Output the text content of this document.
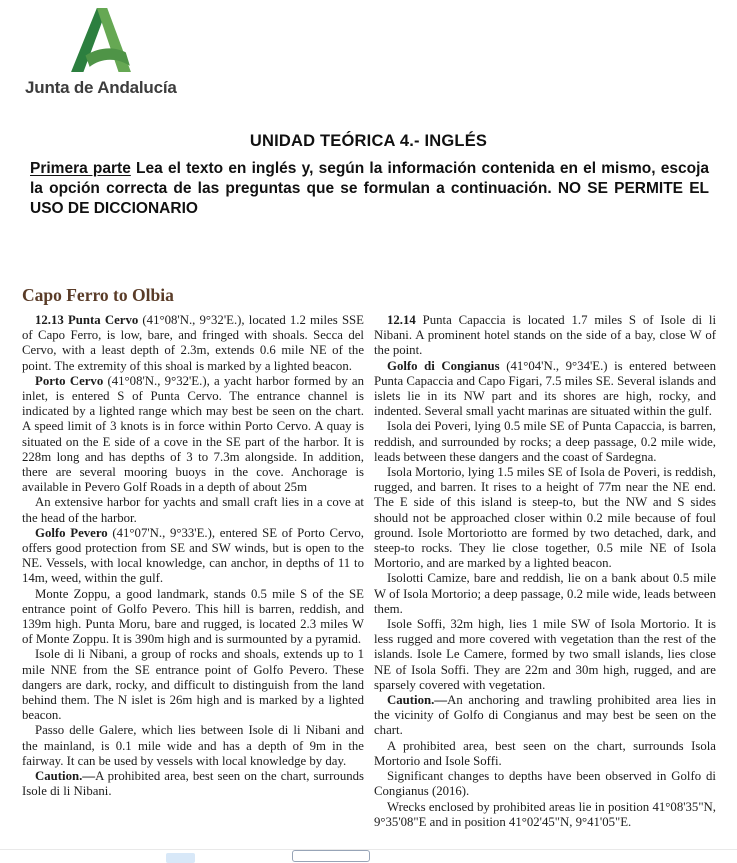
Junta de Andalucía
UNIDAD TEÓRICA 4.- INGLÉS
Primera parte Lea el texto en inglés y, según la información contenida en el mismo, escoja la opción correcta de las preguntas que se formulan a continuación. NO SE PERMITE EL USO DE DICCIONARIO
Capo Ferro to Olbia

12.13 Punta Cervo (41°08'N., 9°32'E.), located 1.2 miles SSE of Capo Ferro, is low, bare, and fringed with shoals. Secca del Cervo, with a least depth of 2.3m, extends 0.6 mile NE of the point. The extremity of this shoal is marked by a lighted beacon.

Porto Cervo (41°08'N., 9°32'E.), a yacht harbor formed by an inlet, is entered S of Punta Cervo. The entrance channel is indicated by a lighted range which may best be seen on the chart. A speed limit of 3 knots is in force within Porto Cervo. A quay is situated on the E side of a cove in the SE part of the harbor. It is 228m long and has depths of 3 to 7.3m alongside. In addition, there are several mooring buoys in the cove. Anchorage is available in Pevero Golf Roads in a depth of about 25m

An extensive harbor for yachts and small craft lies in a cove at the head of the harbor.

Golfo Pevero (41°07'N., 9°33'E.), entered SE of Porto Cervo, offers good protection from SE and SW winds, but is open to the NE. Vessels, with local knowledge, can anchor, in depths of 11 to 14m, weed, within the gulf.

Monte Zoppu, a good landmark, stands 0.5 mile S of the SE entrance point of Golfo Pevero. This hill is barren, reddish, and 139m high. Punta Moru, bare and rugged, is located 2.3 miles W of Monte Zoppu. It is 390m high and is surmounted by a pyramid.

Isole di li Nibani, a group of rocks and shoals, extends up to 1 mile NNE from the SE entrance point of Golfo Pevero. These dangers are dark, rocky, and difficult to distinguish from the land behind them. The N islet is 26m high and is marked by a lighted beacon.

Passo delle Galere, which lies between Isole di li Nibani and the mainland, is 0.1 mile wide and has a depth of 9m in the fairway. It can be used by vessels with local knowledge by day.

Caution.—A prohibited area, best seen on the chart, surrounds Isole di li Nibani.

12.14 Punta Capaccia is located 1.7 miles S of Isole di li Nibani. A prominent hotel stands on the side of a bay, close W of the point.

Golfo di Congianus (41°04'N., 9°34'E.) is entered between Punta Capaccia and Capo Figari, 7.5 miles SE. Several islands and islets lie in its NW part and its shores are high, rocky, and indented. Several small yacht marinas are situated within the gulf.

Isola dei Poveri, lying 0.5 mile SE of Punta Capaccia, is barren, reddish, and surrounded by rocks; a deep passage, 0.2 mile wide, leads between these dangers and the coast of Sardegna.

Isola Mortorio, lying 1.5 miles SE of Isola de Poveri, is reddish, rugged, and barren. It rises to a height of 77m near the NE end. The E side of this island is steep-to, but the NW and S sides should not be approached closer within 0.2 mile because of foul ground. Isole Mortoriotto are formed by two detached, dark, and steep-to rocks. They lie close together, 0.5 mile NE of Isola Mortorio, and are marked by a lighted beacon.

Isolotti Camize, bare and reddish, lie on a bank about 0.5 mile W of Isola Mortorio; a deep passage, 0.2 mile wide, leads between them.

Isole Soffi, 32m high, lies 1 mile SW of Isola Mortorio. It is less rugged and more covered with vegetation than the rest of the islands. Isole Le Camere, formed by two small islands, lies close NE of Isola Soffi. They are 22m and 30m high, rugged, and are sparsely covered with vegetation.

Caution.—An anchoring and trawling prohibited area lies in the vicinity of Golfo di Congianus and may best be seen on the chart.

A prohibited area, best seen on the chart, surrounds Isola Mortorio and Isole Soffi.

Significant changes to depths have been observed in Golfo di Congianus (2016).

Wrecks enclosed by prohibited areas lie in position 41°08'35"N, 9°35'08"E and in position 41°02'45"N, 9°41'05"E.
